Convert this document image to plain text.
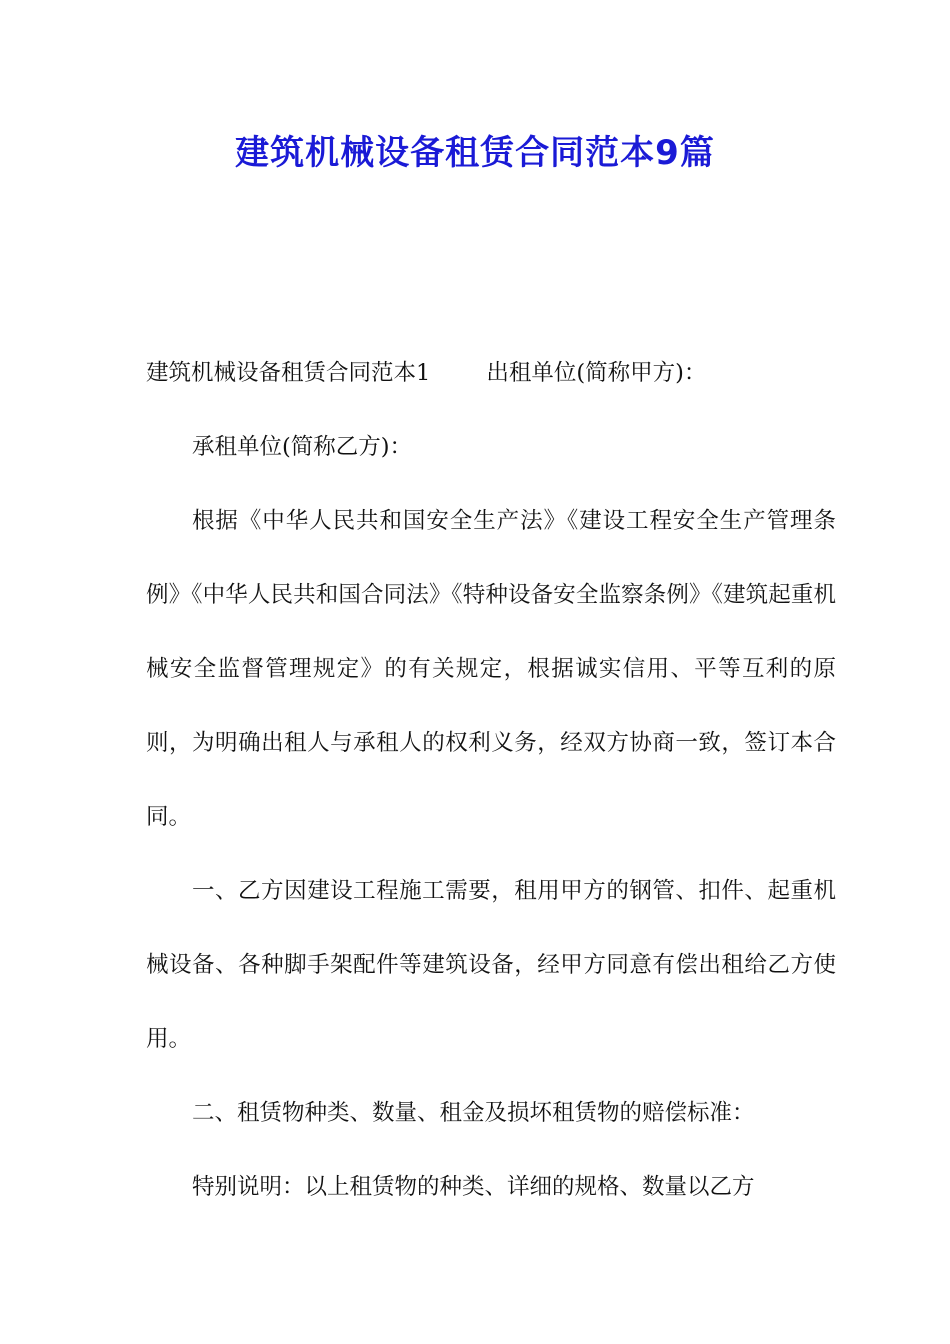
建筑机械设备租赁合同范本9篇

建筑机械设备租赁合同范本1 出租单位(简称甲方)：

承租单位(简称乙方)：

根据《中华人民共和国安全生产法》《建设工程安全生产管理条例》《中华人民共和国合同法》《特种设备安全监察条例》《建筑起重机械安全监督管理规定》的有关规定，根据诚实信用、平等互利的原则，为明确出租人与承租人的权利义务，经双方协商一致，签订本合同。

一、乙方因建设工程施工需要，租用甲方的钢管、扣件、起重机械设备、各种脚手架配件等建筑设备，经甲方同意有偿出租给乙方使用。

二、租赁物种类、数量、租金及损坏租赁物的赔偿标准：

特别说明：以上租赁物的种类、详细的规格、数量以乙方
